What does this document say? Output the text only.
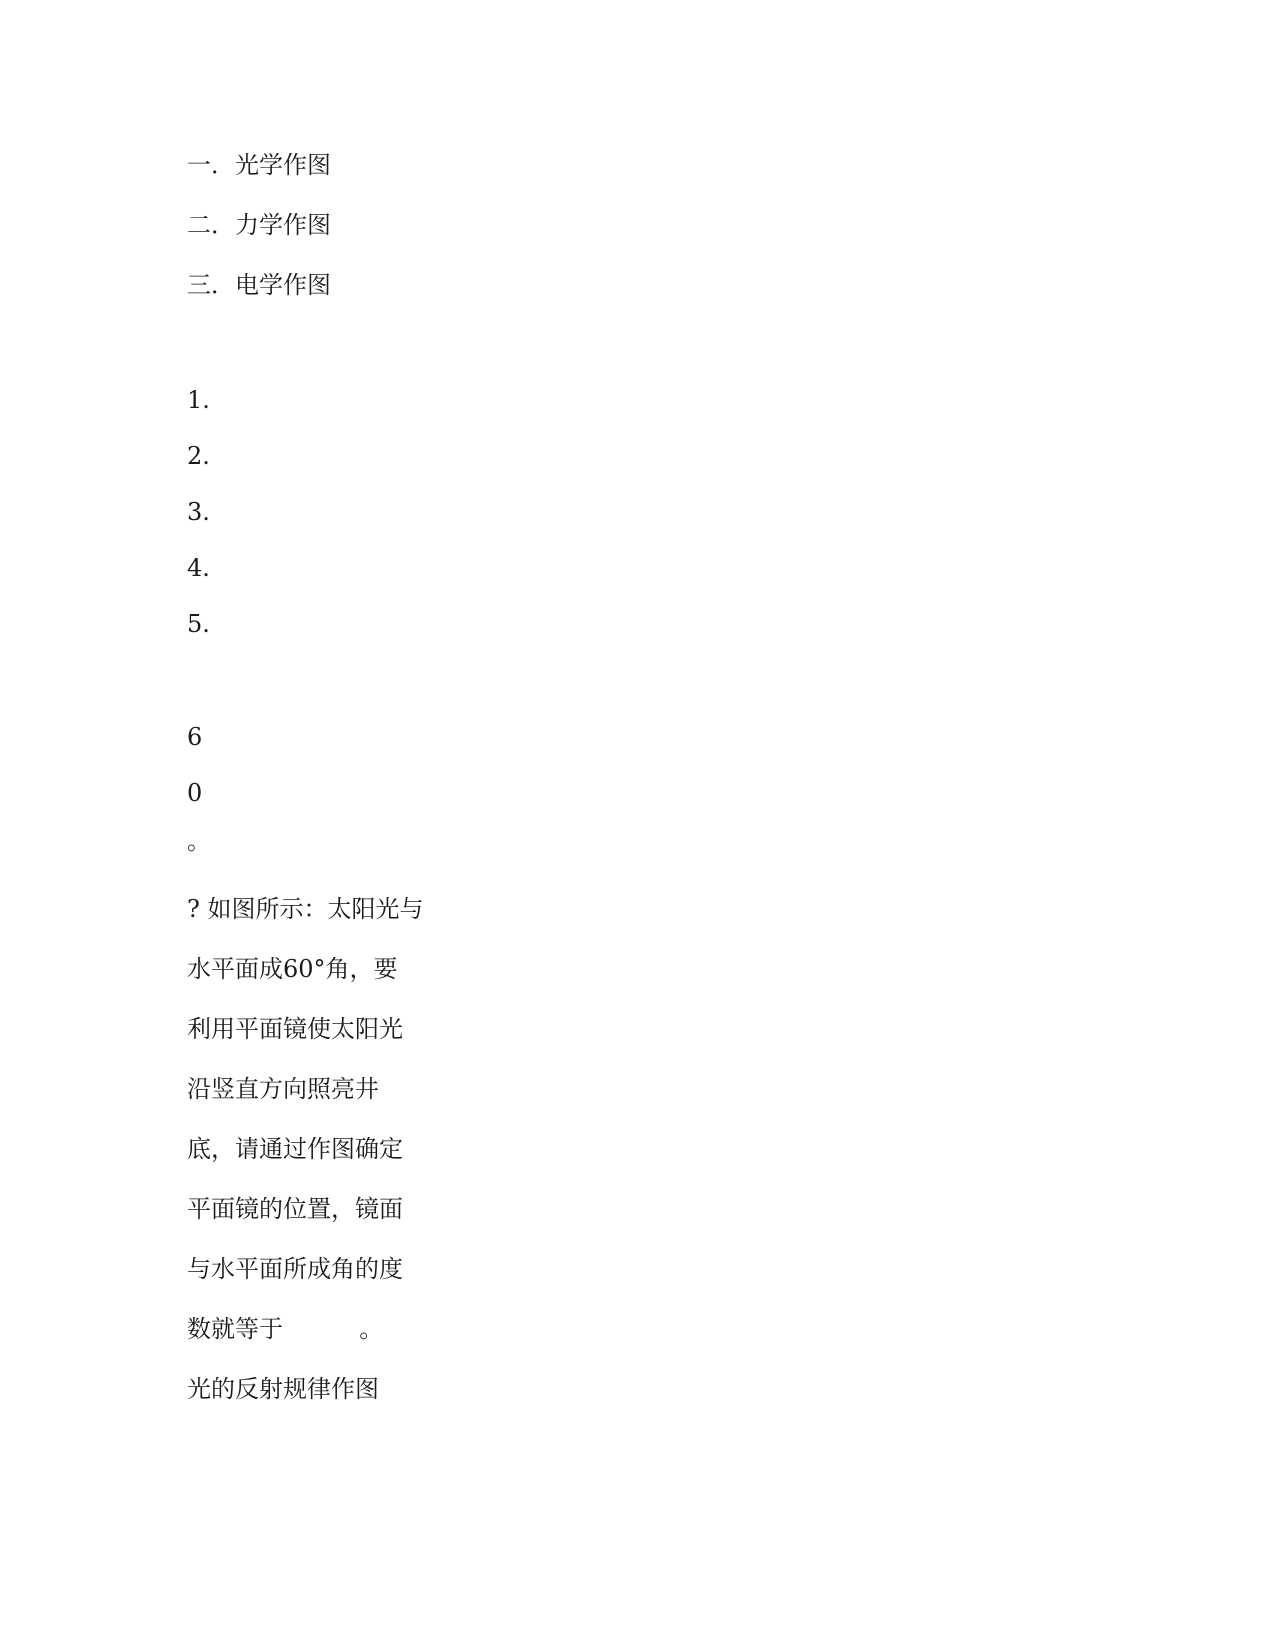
一．光学作图

二．力学作图

三．电学作图

1.

2.

3.

4.

5.

6

0

。

? 如图所示：太阳光与

水平面成60°角，要

利用平面镜使太阳光

沿竖直方向照亮井

底，请通过作图确定

平面镜的位置，镜面

与水平面所成角的度

数就等于          。

光的反射规律作图
